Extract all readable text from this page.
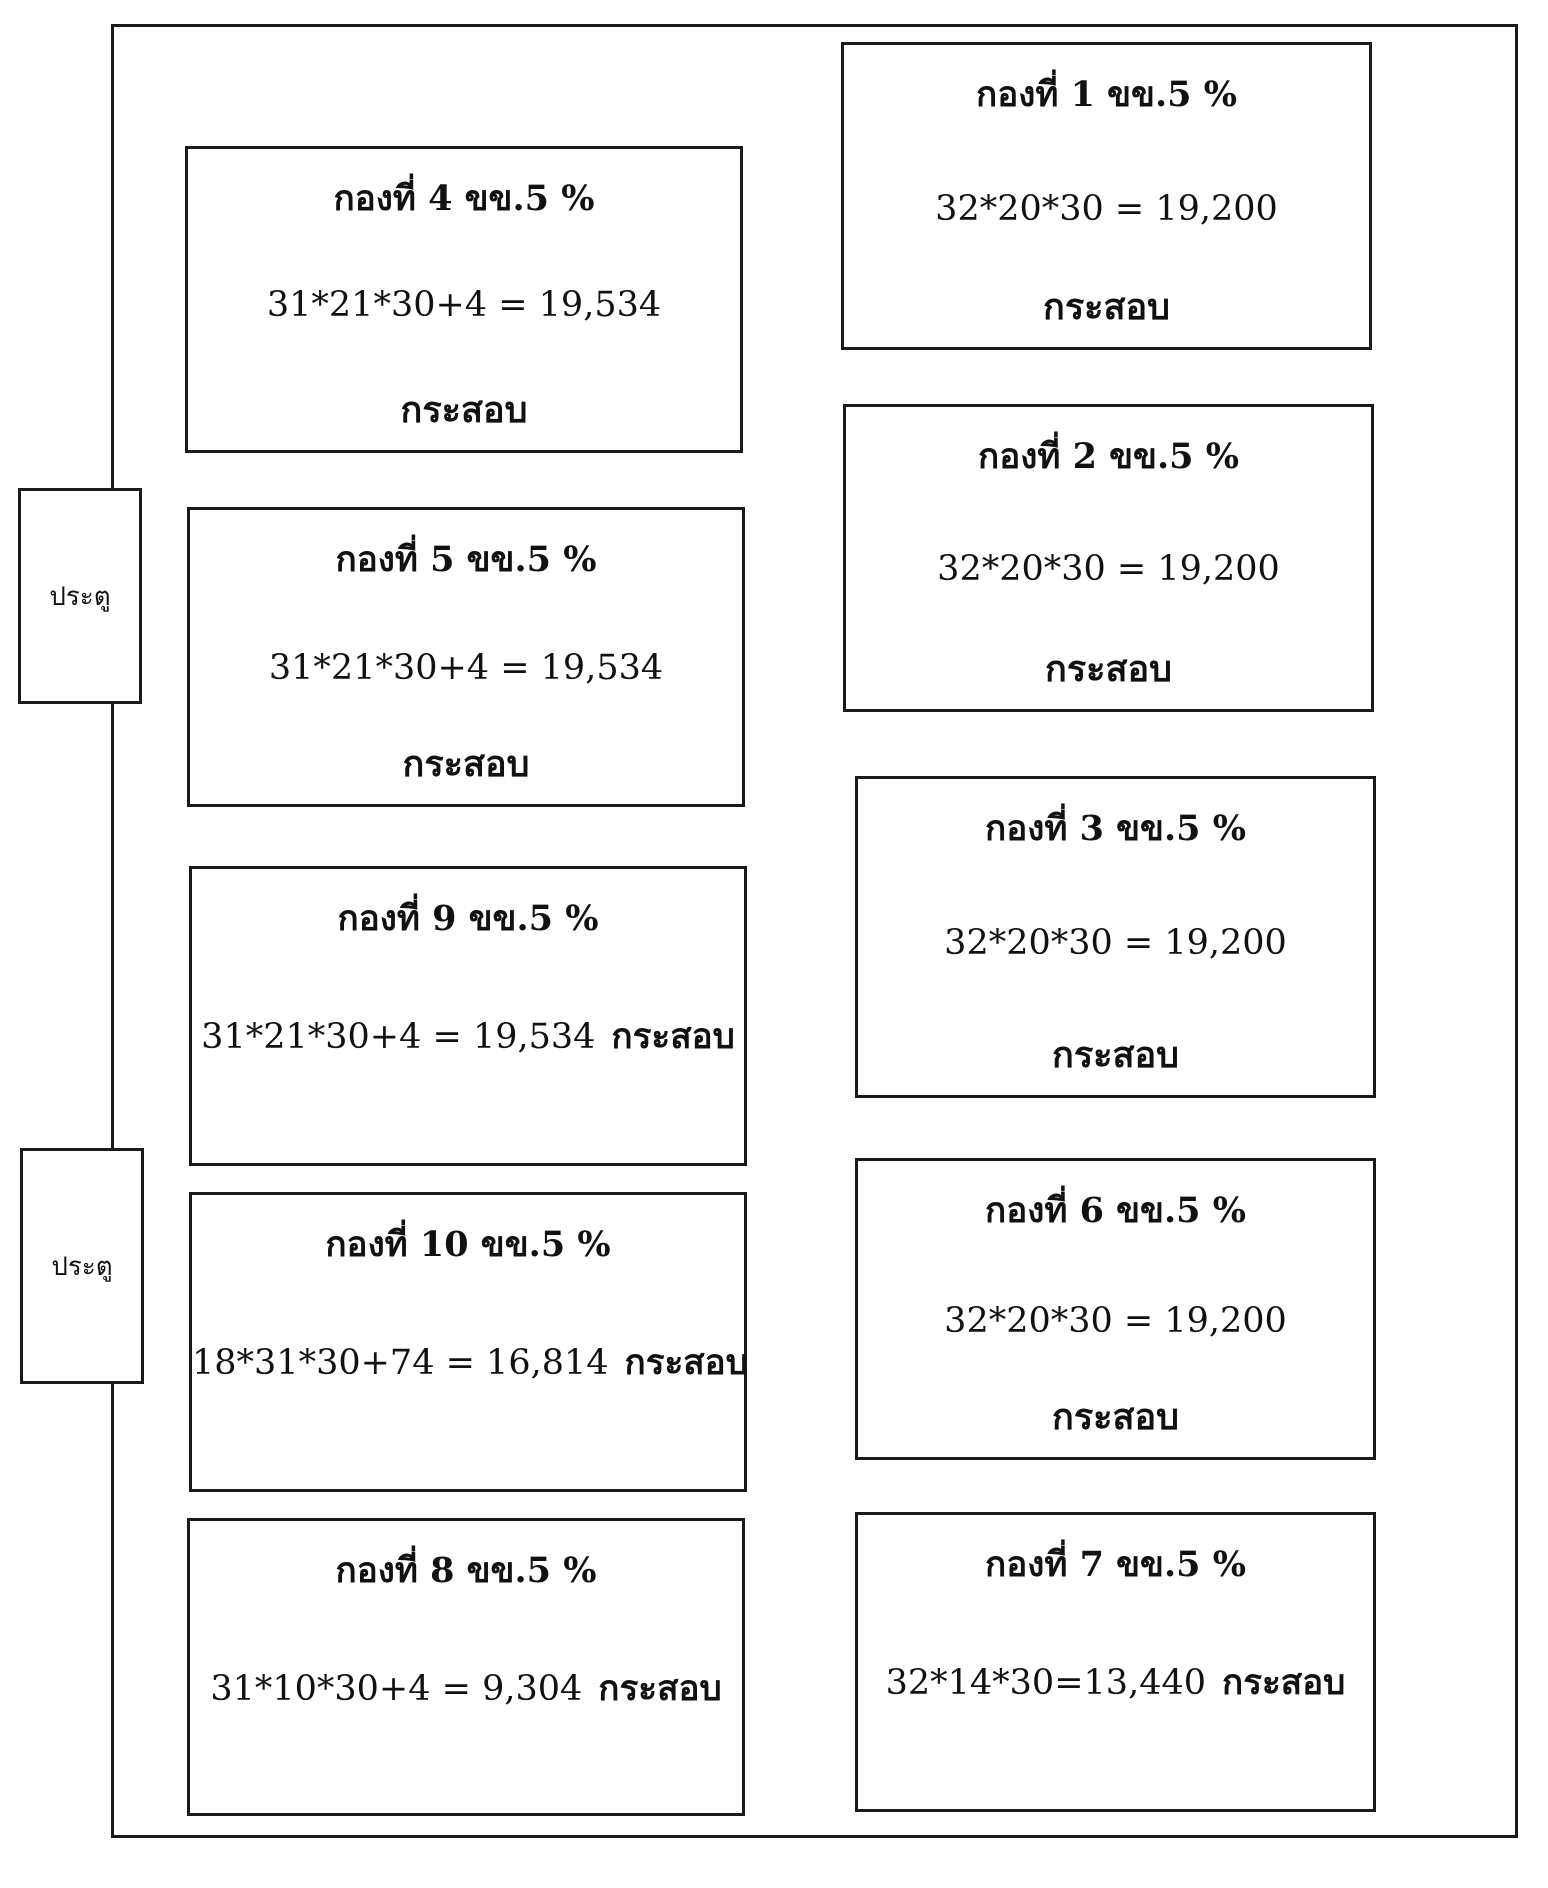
ประตู
ประตู
กองที่ 4 ขข.5 %
31*21*30+4 = 19,534
กระสอบ
กองที่ 5 ขข.5 %
31*21*30+4 = 19,534
กระสอบ
กองที่ 9 ขข.5 %
31*21*30+4 = 19,534 กระสอบ
กองที่ 10 ขข.5 %
18*31*30+74 = 16,814 กระสอบ
กองที่ 8 ขข.5 %
31*10*30+4 = 9,304 กระสอบ
กองที่ 1 ขข.5 %
32*20*30 = 19,200
กระสอบ
กองที่ 2 ขข.5 %
32*20*30 = 19,200
กระสอบ
กองที่ 3 ขข.5 %
32*20*30 = 19,200
กระสอบ
กองที่ 6 ขข.5 %
32*20*30 = 19,200
กระสอบ
กองที่ 7 ขข.5 %
32*14*30=13,440 กระสอบ
